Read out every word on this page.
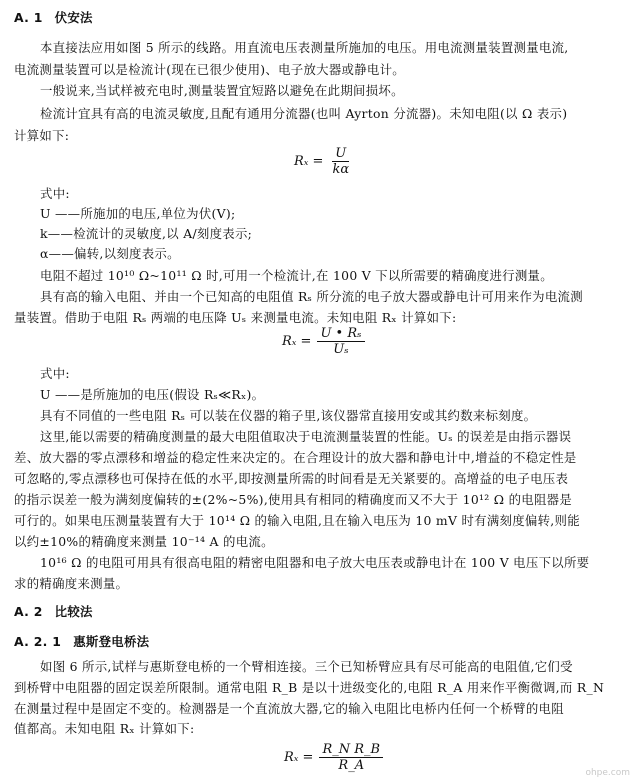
A. 1 伏安法
本直接法应用如图 5 所示的线路。用直流电压表测量所施加的电压。用电流测量装置测量电流,
电流测量装置可以是检流计(现在已很少使用)、电子放大器或静电计。
一般说来,当试样被充电时,测量装置宜短路以避免在此期间损坏。
检流计宜具有高的电流灵敏度,且配有通用分流器(也叫 Ayrton 分流器)。未知电阻(以 Ω 表示)
计算如下:
$R_x = \frac{U}{k\alpha}$
式中:
U ——所施加的电压,单位为伏(V);
k——检流计的灵敏度,以 A/刻度表示;
α——偏转,以刻度表示。
电阻不超过 10¹⁰ Ω~10¹¹ Ω 时,可用一个检流计,在 100 V 下以所需要的精确度进行测量。
具有高的输入电阻、并由一个已知高的电阻值 Rₛ 所分流的电子放大器或静电计可用来作为电流测
量装置。借助于电阻 Rₛ 两端的电压降 Uₛ 来测量电流。未知电阻 Rₓ 计算如下:
$R_x = \frac{\text{U • Rₛ}}{\text{Uₛ}}$
式中:
U ——是所施加的电压(假设 Rₛ≪Rₓ)。
具有不同值的一些电阻 Rₛ 可以装在仪器的箱子里,该仪器常直接用安或其约数来标刻度。
这里,能以需要的精确度测量的最大电阻值取决于电流测量装置的性能。Uₛ 的误差是由指示器误
差、放大器的零点漂移和增益的稳定性来决定的。在合理设计的放大器和静电计中,增益的不稳定性是
可忽略的,零点漂移也可保持在低的水平,即按测量所需的时间看是无关紧要的。高增益的电子电压表
的指示误差一般为满刻度偏转的±(2%~5%),使用具有相同的精确度而又不大于 10¹² Ω 的电阻器是
可行的。如果电压测量装置有大于 10¹⁴ Ω 的输入电阻,且在输入电压为 10 mV 时有满刻度偏转,则能
以约±10%的精确度来测量 10⁻¹⁴ A 的电流。
10¹⁶ Ω 的电阻可用具有很高电阻的精密电阻器和电子放大电压表或静电计在 100 V 电压下以所要
求的精确度来测量。
A. 2 比较法
A. 2. 1 惠斯登电桥法
如图 6 所示,试样与惠斯登电桥的一个臂相连接。三个已知桥臂应具有尽可能高的电阻值,它们受
到桥臂中电阻器的固定误差所限制。通常电阻 R_B 是以十进级变化的,电阻 R_A 用来作平衡微调,而 R_N
在测量过程中是固定不变的。检测器是一个直流放大器,它的输入电阻比电桥内任何一个桥臂的电阻
值都高。未知电阻 Rₓ 计算如下:
$R_x = \frac{\text{R\_N R\_B}}{R\_A}$	ohpe.com
